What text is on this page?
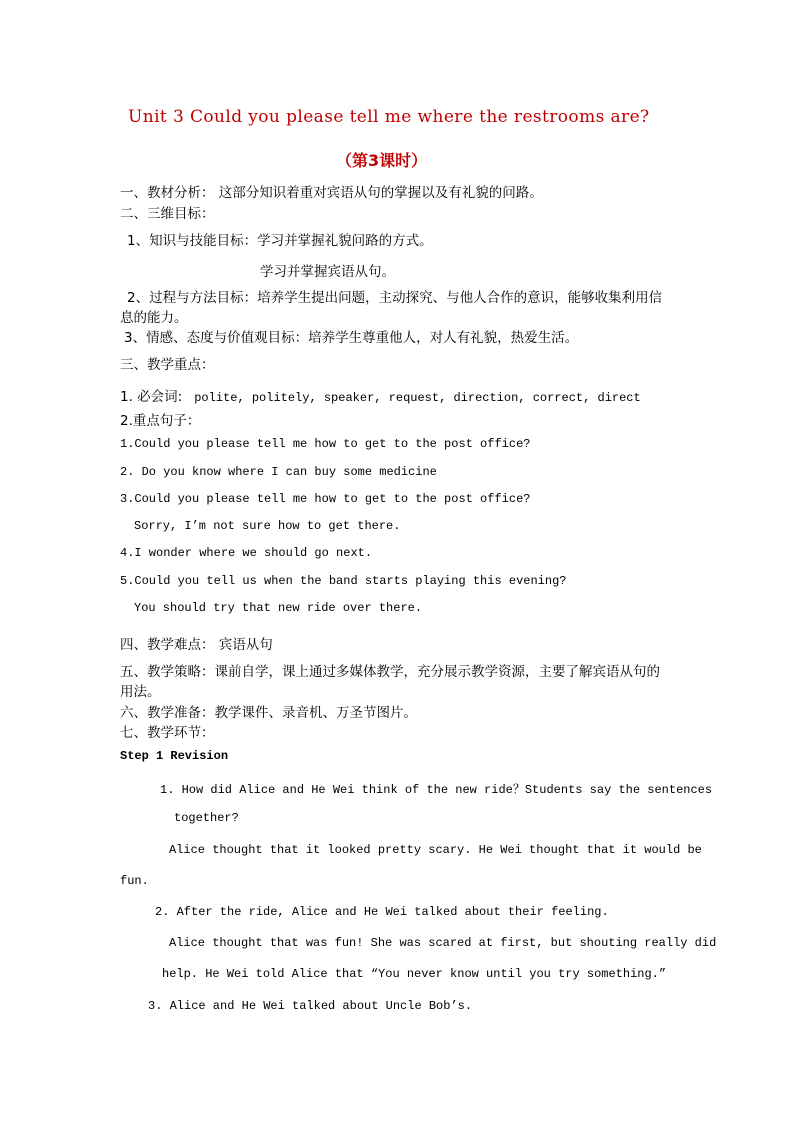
Unit 3 Could you please tell me where the restrooms are?
（第3课时）
一、教材分析： 这部分知识着重对宾语从句的掌握以及有礼貌的问路。
二、三维目标：
1、知识与技能目标：学习并掌握礼貌问路的方式。
学习并掌握宾语从句。
2、过程与方法目标：培养学生提出问题，主动探究、与他人合作的意识，能够收集利用信
息的能力。
3、情感、态度与价值观目标：培养学生尊重他人，对人有礼貌，热爱生活。
三、教学重点：
1. 必会词: polite, politely, speaker, request, direction, correct, direct
2.重点句子：
1.Could you please tell me how to get to the post office?
2. Do you know where I can buy some medicine
3.Could you please tell me how to get to the post office?
Sorry, I’m not sure how to get there.
4.I wonder where we should go next.
5.Could you tell us when the band starts playing this evening?
You should try that new ride over there.
四、教学难点： 宾语从句
五、教学策略：课前自学，课上通过多媒体教学，充分展示教学资源，主要了解宾语从句的
用法。
六、教学准备：教学课件、录音机、万圣节图片。
七、教学环节：
Step 1 Revision
1. How did Alice and He Wei think of the new ride？Students say the sentences
together?
Alice thought that it looked pretty scary. He Wei thought that it would be
fun.
2. After the ride, Alice and He Wei talked about their feeling.
Alice thought that was fun! She was scared at first, but shouting really did
help. He Wei told Alice that “You never know until you try something.”
3. Alice and He Wei talked about Uncle Bob’s.
